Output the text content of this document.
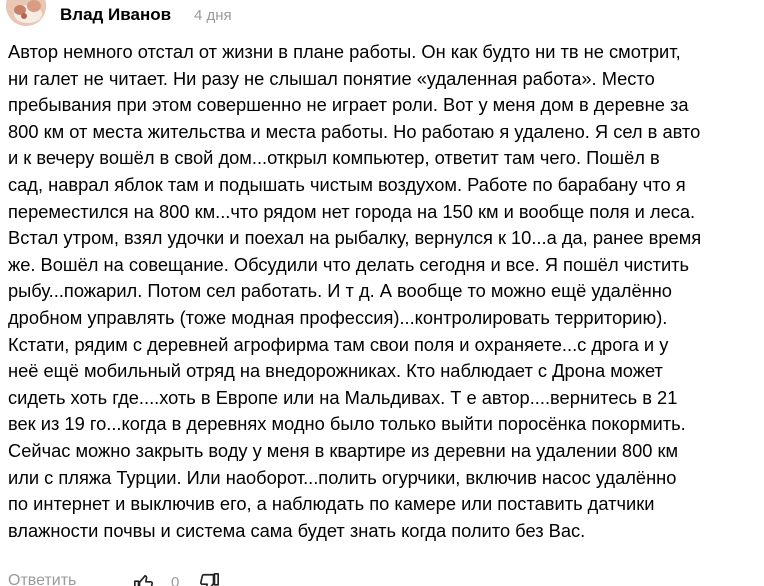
Влад Иванов 4 дня
Автор немного отстал от жизни в плане работы. Он как будто ни тв не смотрит,
ни галет не читает. Ни разу не слышал понятие «удаленная работа». Место
пребывания при этом совершенно не играет роли. Вот у меня дом в деревне за
800 км от места жительства и места работы. Но работаю я удалено. Я сел в авто
и к вечеру вошёл в свой дом...открыл компьютер, ответит там чего. Пошёл в
сад, наврал яблок там и подышать чистым воздухом. Работе по барабану что я
переместился на 800 км...что рядом нет города на 150 км и вообще поля и леса.
Встал утром, взял удочки и поехал на рыбалку, вернулся к 10...а да, ранее время
же. Вошёл на совещание. Обсудили что делать сегодня и все. Я пошёл чистить
рыбу...пожарил. Потом сел работать. И т д. А вообще то можно ещё удалённо
дробном управлять (тоже модная профессия)...контролировать территорию).
Кстати, рядим с деревней агрофирма там свои поля и охраняете...с дрога и у
неё ещё мобильный отряд на внедорожниках. Кто наблюдает с Дрона может
сидеть хоть где....хоть в Европе или на Мальдивах. Т е автор....вернитесь в 21
век из 19 го...когда в деревнях модно было только выйти поросёнка покормить.
Сейчас можно закрыть воду у меня в квартире из деревни на удалении 800 км
или с пляжа Турции. Или наоборот...полить огурчики, включив насос удалённо
по интернет и выключив его, а наблюдать по камере или поставить датчики
влажности почвы и система сама будет знать когда полито без Вас.
Ответить	0
